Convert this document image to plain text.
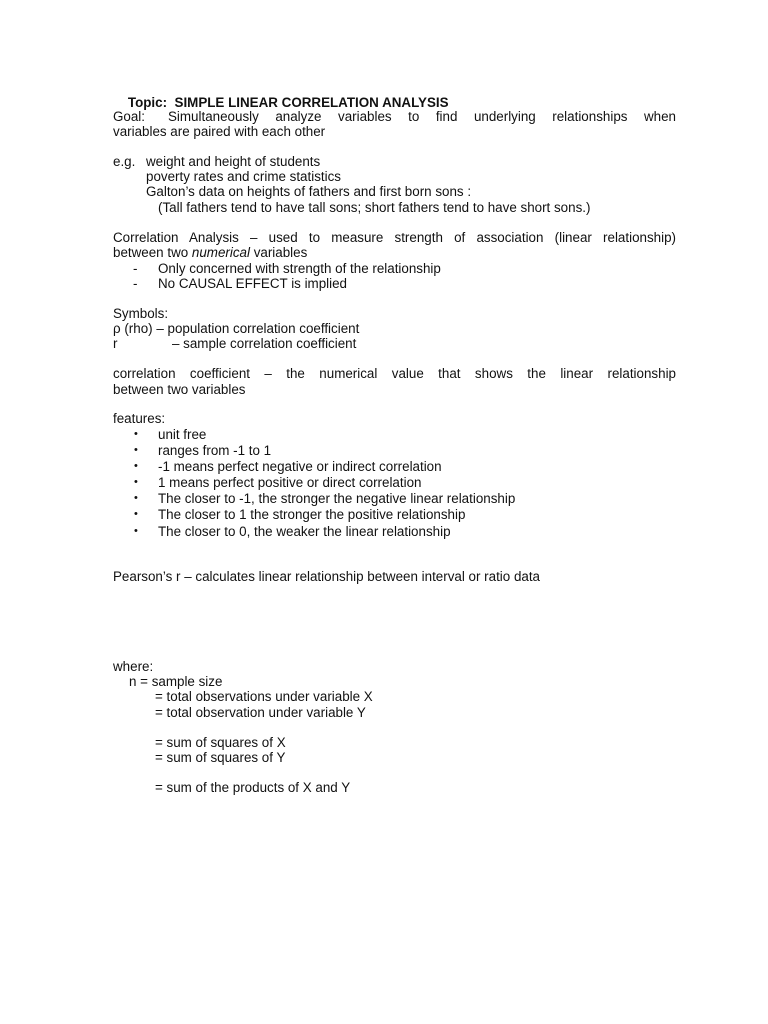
Topic: SIMPLE LINEAR CORRELATION ANALYSIS

Goal: Simultaneously analyze variables to find underlying relationships when
variables are paired with each other
e.g. weight and height of students
poverty rates and crime statistics
Galton’s data on heights of fathers and first born sons :
(Tall fathers tend to have tall sons; short fathers tend to have short sons.)
Correlation Analysis – used to measure strength of association (linear relationship)
between two numerical variables
- Only concerned with strength of the relationship
- No CAUSAL EFFECT is implied
Symbols:
ρ (rho) – population correlation coefficient
r	– sample correlation coefficient
correlation coefficient – the numerical value that shows the linear relationship
between two variables
features:
• unit free
• ranges from -1 to 1
• -1 means perfect negative or indirect correlation
• 1 means perfect positive or direct correlation
• The closer to -1, the stronger the negative linear relationship
• The closer to 1 the stronger the positive relationship
• The closer to 0, the weaker the linear relationship
Pearson’s r – calculates linear relationship between interval or ratio data
where:
n = sample size
= total observations under variable X
= total observation under variable Y
= sum of squares of X
= sum of squares of Y
= sum of the products of X and Y
